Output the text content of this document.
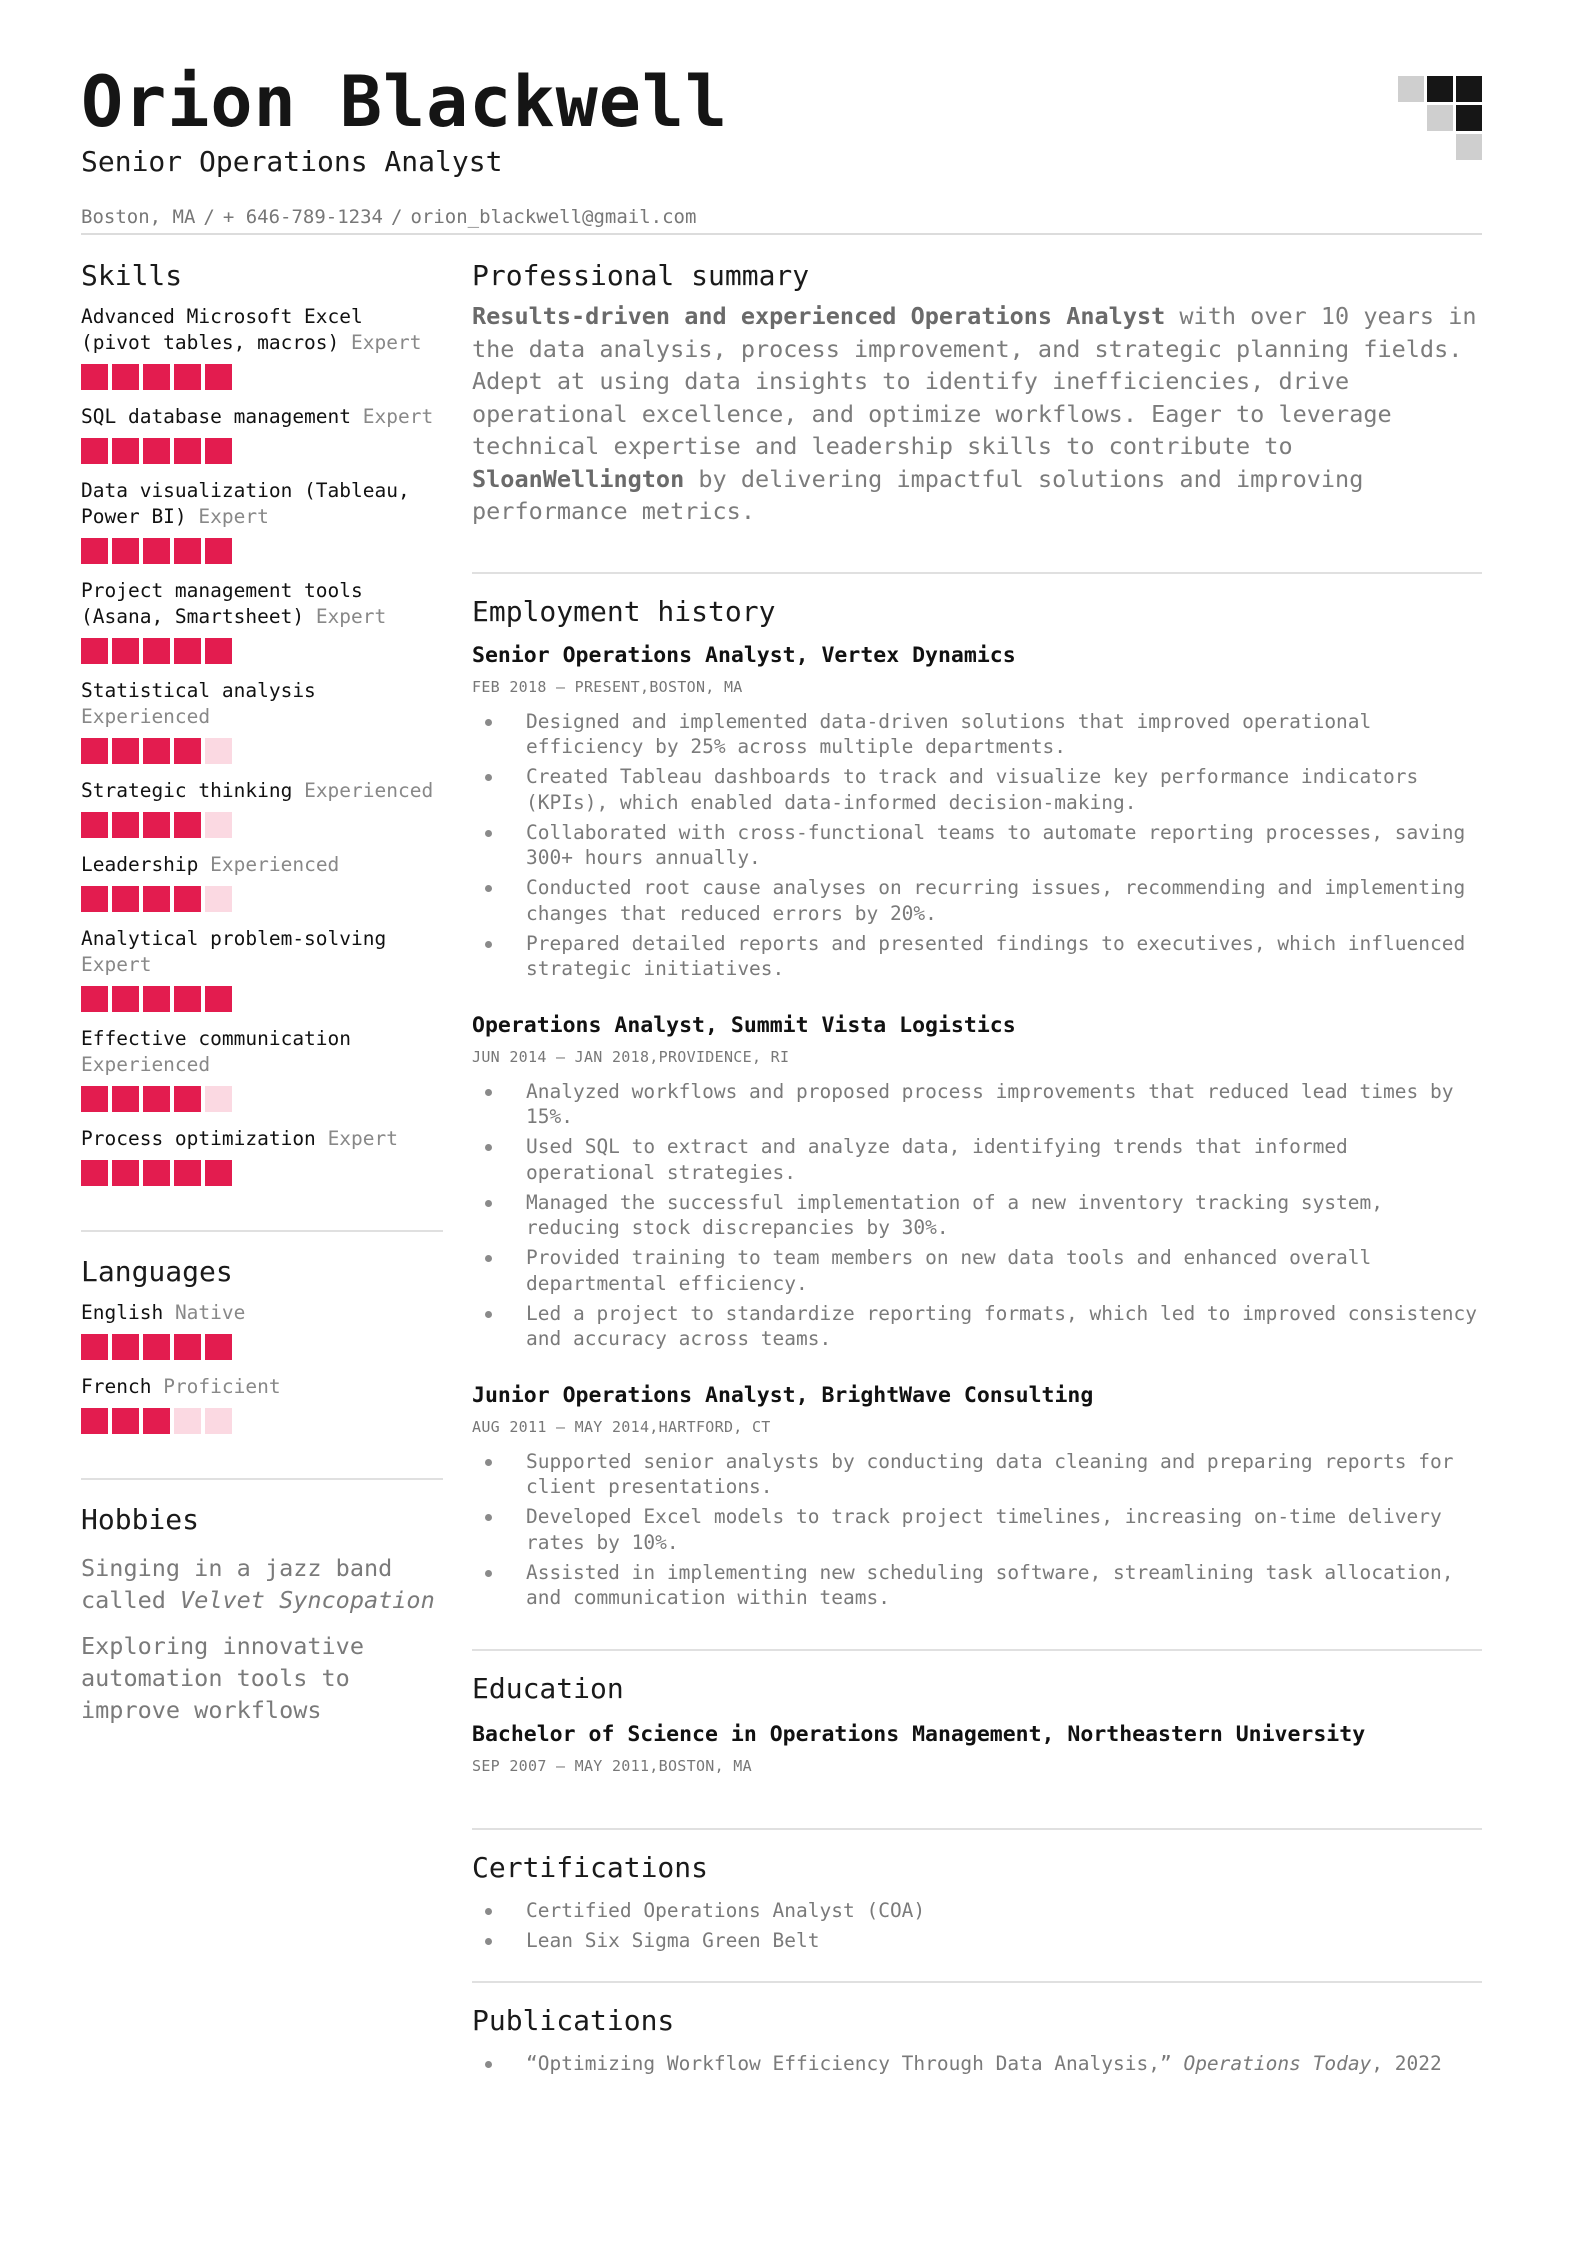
Orion Blackwell
Senior Operations Analyst
Boston, MA / + 646-789-1234 / orion_blackwell@gmail.com
Skills
Advanced Microsoft Excel (pivot tables, macros) Expert
SQL database management Expert
Data visualization (Tableau, Power BI) Expert
Project management tools (Asana, Smartsheet) Expert
Statistical analysis Experienced
Strategic thinking Experienced
Leadership Experienced
Analytical problem-solving Expert
Effective communication Experienced
Process optimization Expert
Languages
English Native
French Proficient
Hobbies
Singing in a jazz band called Velvet Syncopation
Exploring innovative automation tools to improve workflows
Professional summary
Results-driven and experienced Operations Analyst with over 10 years in the data analysis, process improvement, and strategic planning fields. Adept at using data insights to identify inefficiencies, drive operational excellence, and optimize workflows. Eager to leverage technical expertise and leadership skills to contribute to SloanWellington by delivering impactful solutions and improving performance metrics.
Employment history
Senior Operations Analyst, Vertex Dynamics
FEB 2018 – PRESENT,BOSTON, MA
Designed and implemented data-driven solutions that improved operational efficiency by 25% across multiple departments.
Created Tableau dashboards to track and visualize key performance indicators (KPIs), which enabled data-informed decision-making.
Collaborated with cross-functional teams to automate reporting processes, saving 300+ hours annually.
Conducted root cause analyses on recurring issues, recommending and implementing changes that reduced errors by 20%.
Prepared detailed reports and presented findings to executives, which influenced strategic initiatives.
Operations Analyst, Summit Vista Logistics
JUN 2014 – JAN 2018,PROVIDENCE, RI
Analyzed workflows and proposed process improvements that reduced lead times by 15%.
Used SQL to extract and analyze data, identifying trends that informed operational strategies.
Managed the successful implementation of a new inventory tracking system, reducing stock discrepancies by 30%.
Provided training to team members on new data tools and enhanced overall departmental efficiency.
Led a project to standardize reporting formats, which led to improved consistency and accuracy across teams.
Junior Operations Analyst, BrightWave Consulting
AUG 2011 – MAY 2014,HARTFORD, CT
Supported senior analysts by conducting data cleaning and preparing reports for client presentations.
Developed Excel models to track project timelines, increasing on-time delivery rates by 10%.
Assisted in implementing new scheduling software, streamlining task allocation, and communication within teams.
Education
Bachelor of Science in Operations Management, Northeastern University
SEP 2007 – MAY 2011,BOSTON, MA
Certifications
Certified Operations Analyst (COA)
Lean Six Sigma Green Belt
Publications
“Optimizing Workflow Efficiency Through Data Analysis,” Operations Today, 2022
